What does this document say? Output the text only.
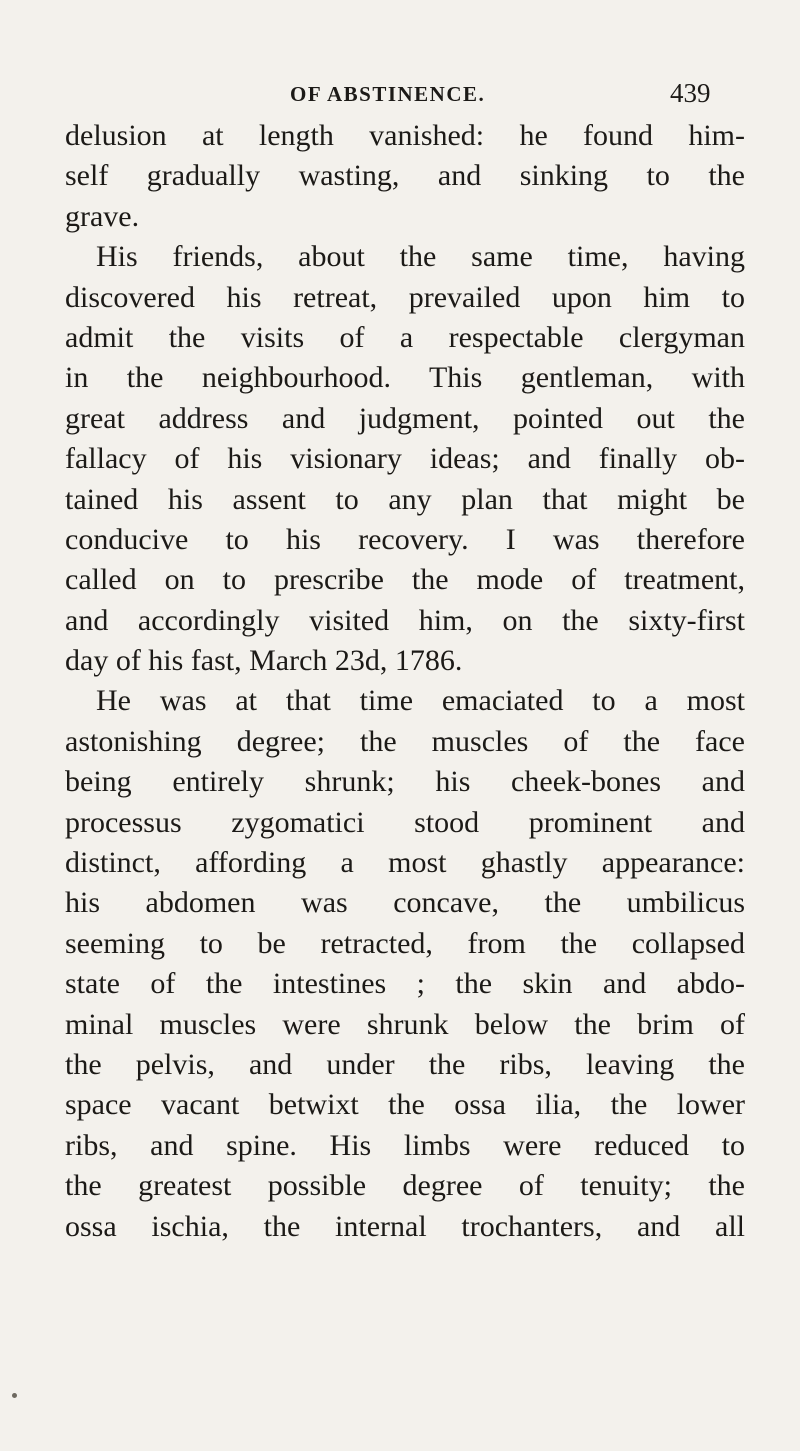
OF ABSTINENCE.	439
delusion at length vanished: he found him-
self gradually wasting, and sinking to the
grave.
His friends, about the same time, having
discovered his retreat, prevailed upon him to
admit the visits of a respectable clergyman
in the neighbourhood. This gentleman, with
great address and judgment, pointed out the
fallacy of his visionary ideas; and finally ob-
tained his assent to any plan that might be
conducive to his recovery. I was therefore
called on to prescribe the mode of treatment,
and accordingly visited him, on the sixty-first
day of his fast, March 23d, 1786.
He was at that time emaciated to a most
astonishing degree; the muscles of the face
being entirely shrunk; his cheek-bones and
processus zygomatici stood prominent and
distinct, affording a most ghastly appearance:
his abdomen was concave, the umbilicus
seeming to be retracted, from the collapsed
state of the intestines ; the skin and abdo-
minal muscles were shrunk below the brim of
the pelvis, and under the ribs, leaving the
space vacant betwixt the ossa ilia, the lower
ribs, and spine. His limbs were reduced to
the greatest possible degree of tenuity; the
ossa ischia, the internal trochanters, and all
